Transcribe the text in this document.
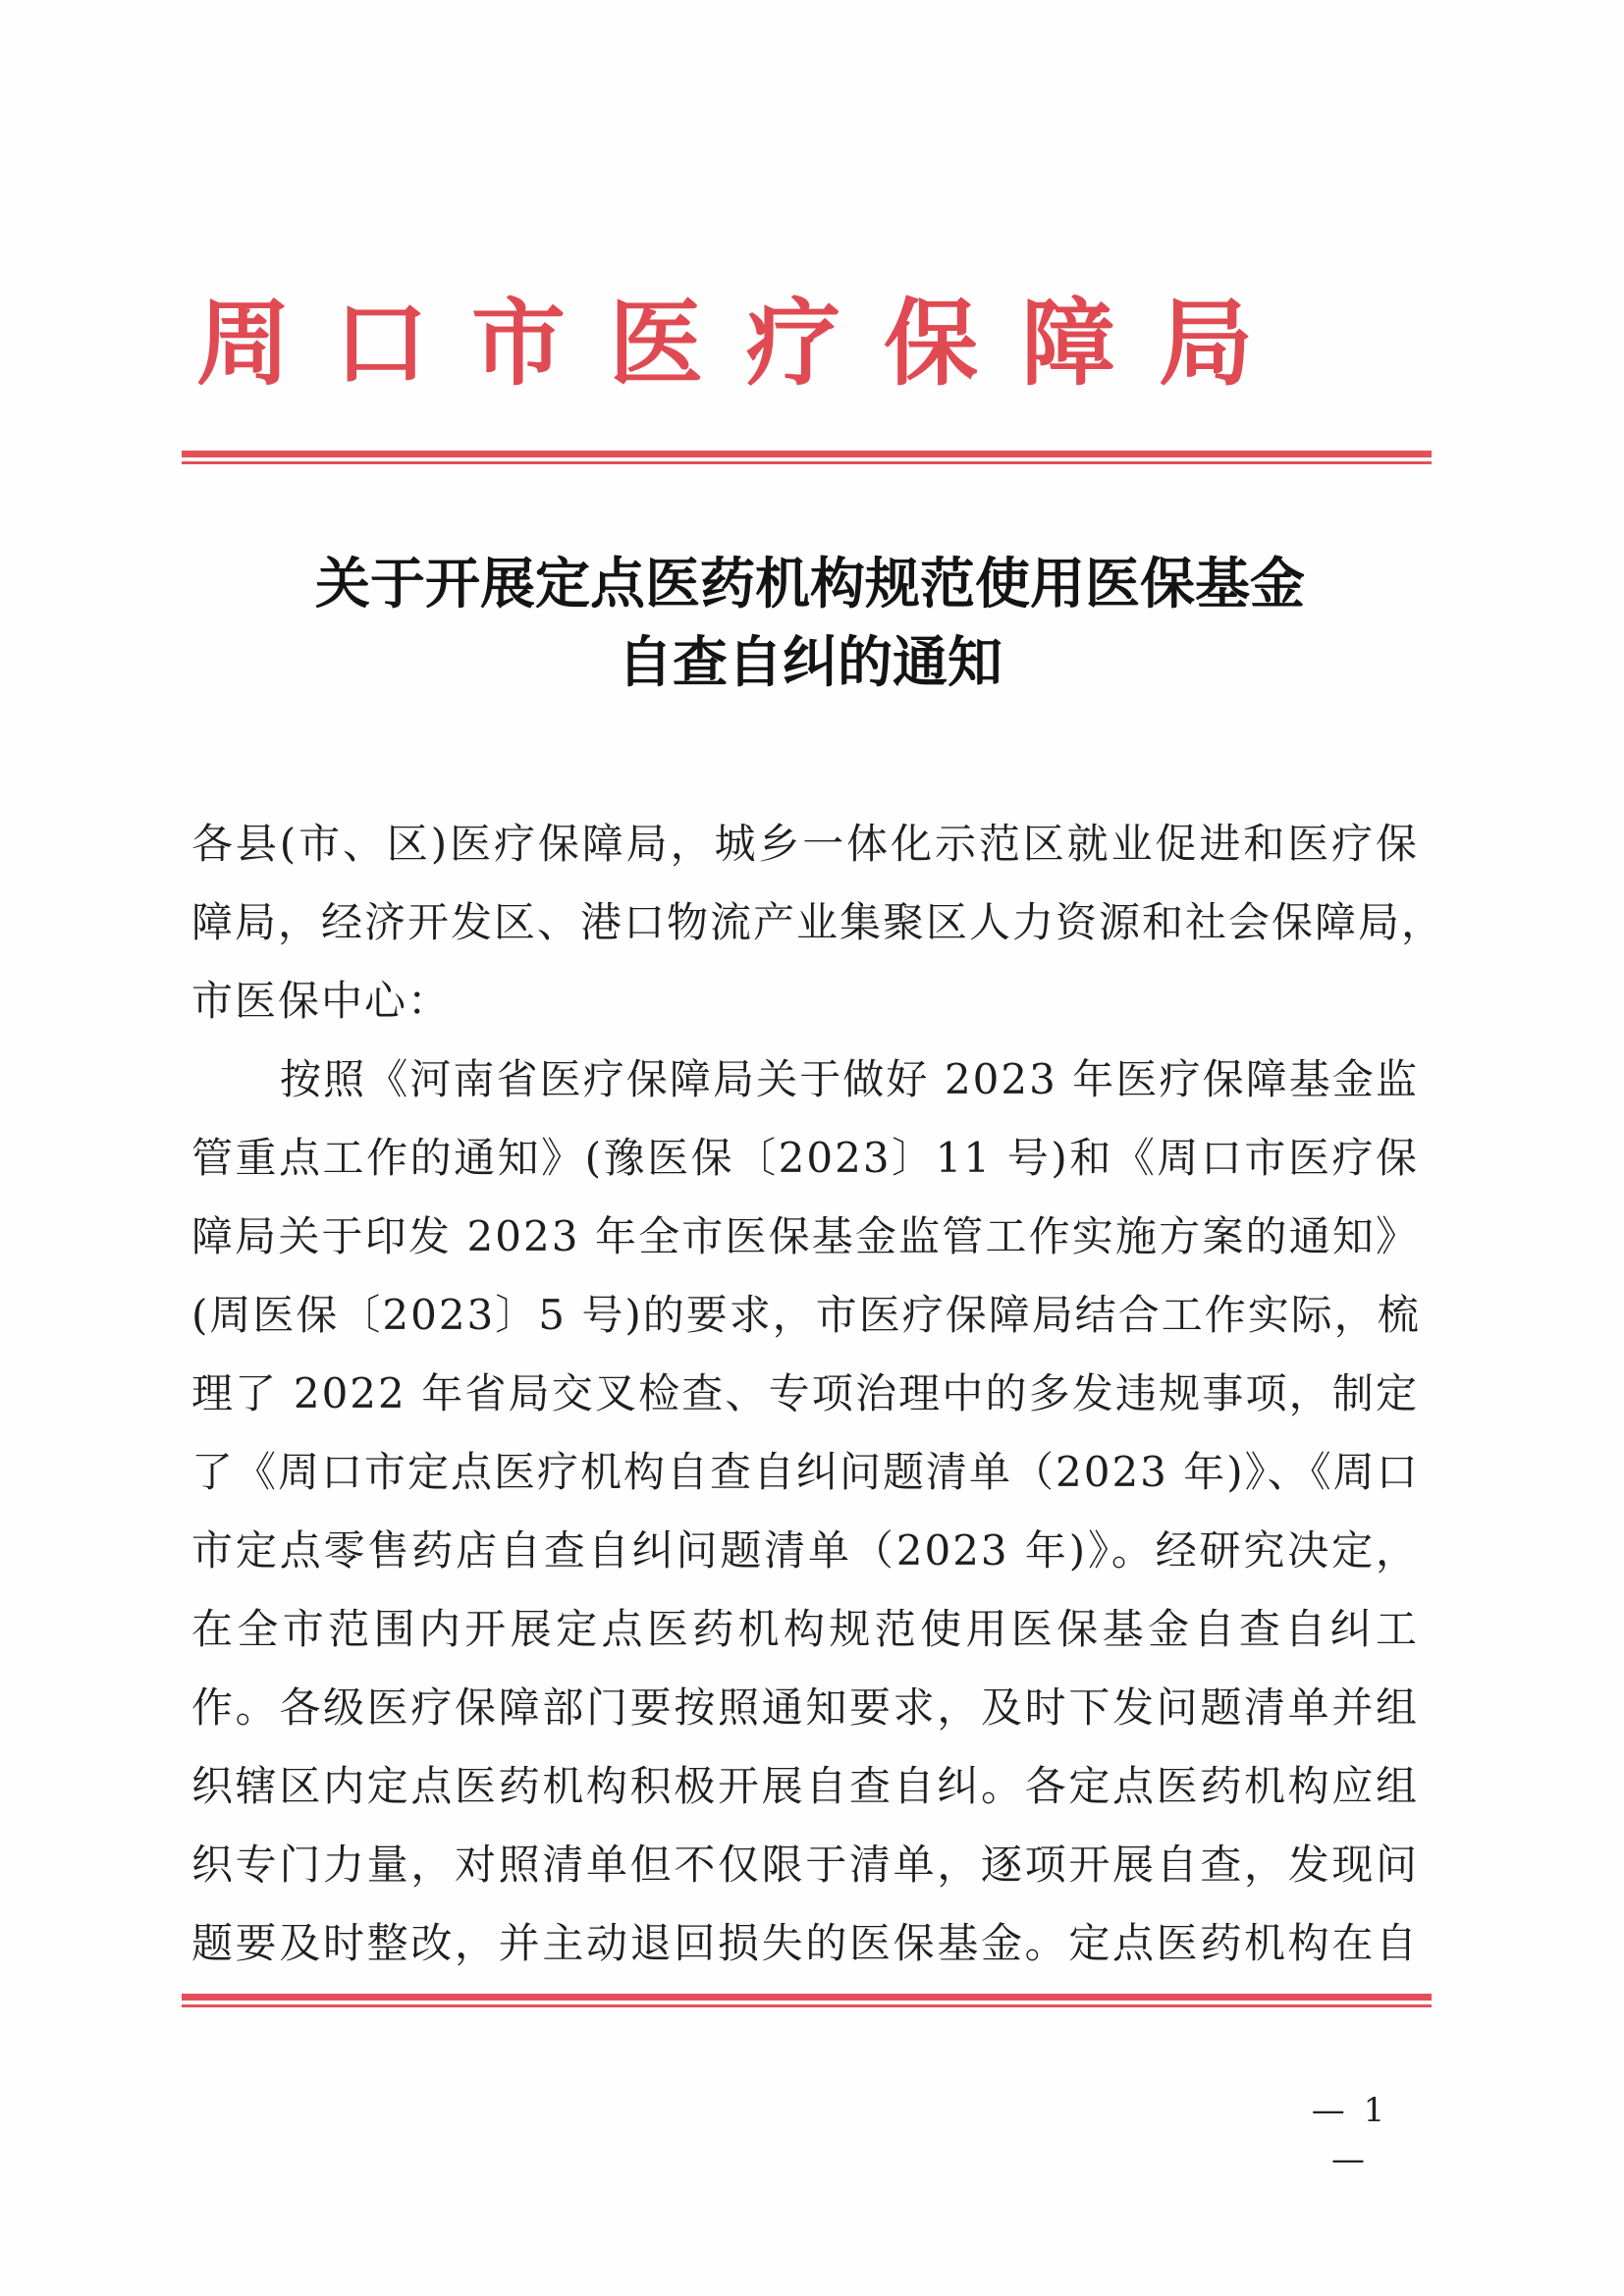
周口市医疗保障局
关于开展定点医药机构规范使用医保基金
自查自纠的通知
各县(市、区)医疗保障局，城乡一体化示范区就业促进和医疗保
障局，经济开发区、港口物流产业集聚区人力资源和社会保障局，
市医保中心：
按照《河南省医疗保障局关于做好 2023 年医疗保障基金监
管重点工作的通知》(豫医保〔2023〕11 号)和《周口市医疗保
障局关于印发 2023 年全市医保基金监管工作实施方案的通知》
(周医保〔2023〕5 号)的要求，市医疗保障局结合工作实际，梳
理了 2022 年省局交叉检查、专项治理中的多发违规事项，制定
了《周口市定点医疗机构自查自纠问题清单（2023 年)》、《周口
市定点零售药店自查自纠问题清单（2023 年)》。经研究决定，
在全市范围内开展定点医药机构规范使用医保基金自查自纠工
— 1 —
作。各级医疗保障部门要按照通知要求，及时下发问题清单并组
织辖区内定点医药机构积极开展自查自纠。各定点医药机构应组
织专门力量，对照清单但不仅限于清单，逐项开展自查，发现问
题要及时整改，并主动退回损失的医保基金。定点医药机构在自
